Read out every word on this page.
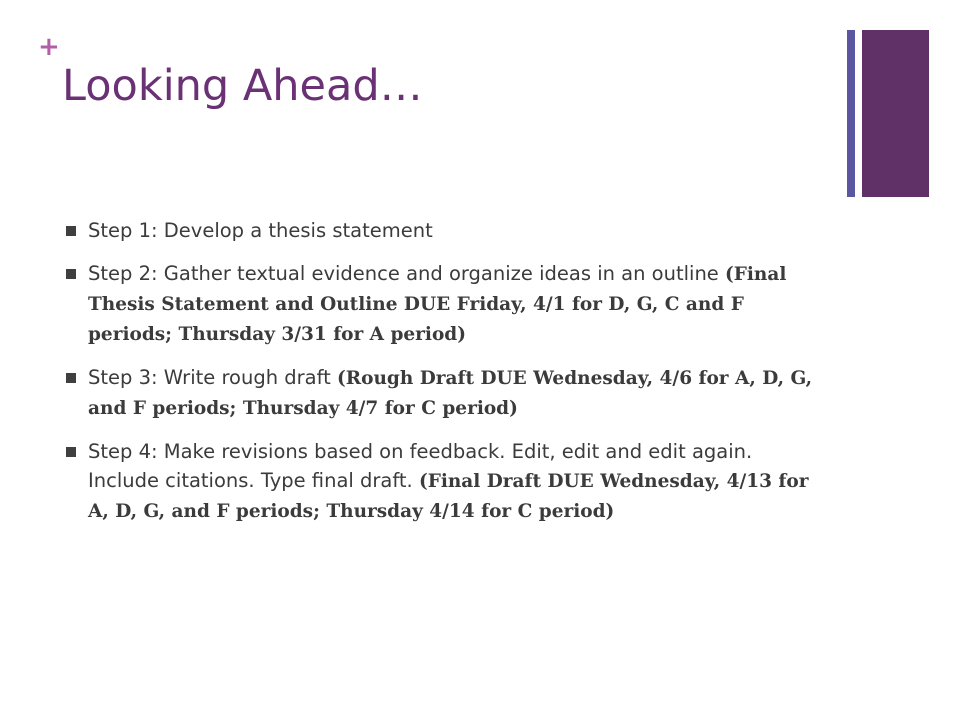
+
Looking Ahead…
Step 1: Develop a thesis statement
Step 2: Gather textual evidence and organize ideas in an outline (Final Thesis Statement and Outline DUE Friday, 4/1 for D, G, C and F periods; Thursday 3/31 for A period)
Step 3: Write rough draft (Rough Draft DUE Wednesday, 4/6 for A, D, G, and F periods; Thursday 4/7 for C period)
Step 4: Make revisions based on feedback. Edit, edit and edit again. Include citations. Type final draft. (Final Draft DUE Wednesday, 4/13 for A, D, G, and F periods; Thursday 4/14 for C period)
